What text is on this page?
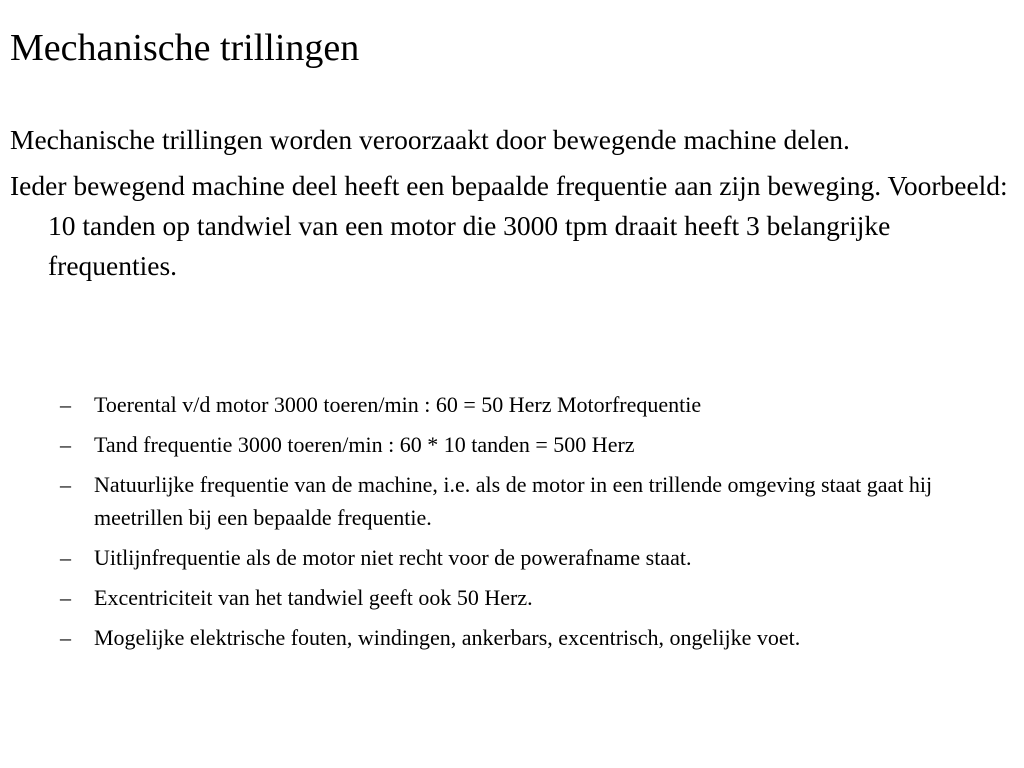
Mechanische trillingen

Mechanische trillingen worden veroorzaakt door bewegende machine delen.

Ieder bewegend machine deel heeft een bepaalde frequentie aan zijn beweging. Voorbeeld: 10 tanden op tandwiel van een motor die 3000 tpm draait heeft 3 belangrijke frequenties.

– Toerental v/d motor 3000 toeren/min : 60 = 50 Herz Motorfrequentie
– Tand frequentie 3000 toeren/min : 60 * 10 tanden = 500 Herz
– Natuurlijke frequentie van de machine, i.e. als de motor in een trillende omgeving staat gaat hij meetrillen bij een bepaalde frequentie.
– Uitlijnfrequentie als de motor niet recht voor de powerafname staat.
– Excentriciteit van het tandwiel geeft ook 50 Herz.
– Mogelijke elektrische fouten, windingen, ankerbars, excentrisch, ongelijke voet.
